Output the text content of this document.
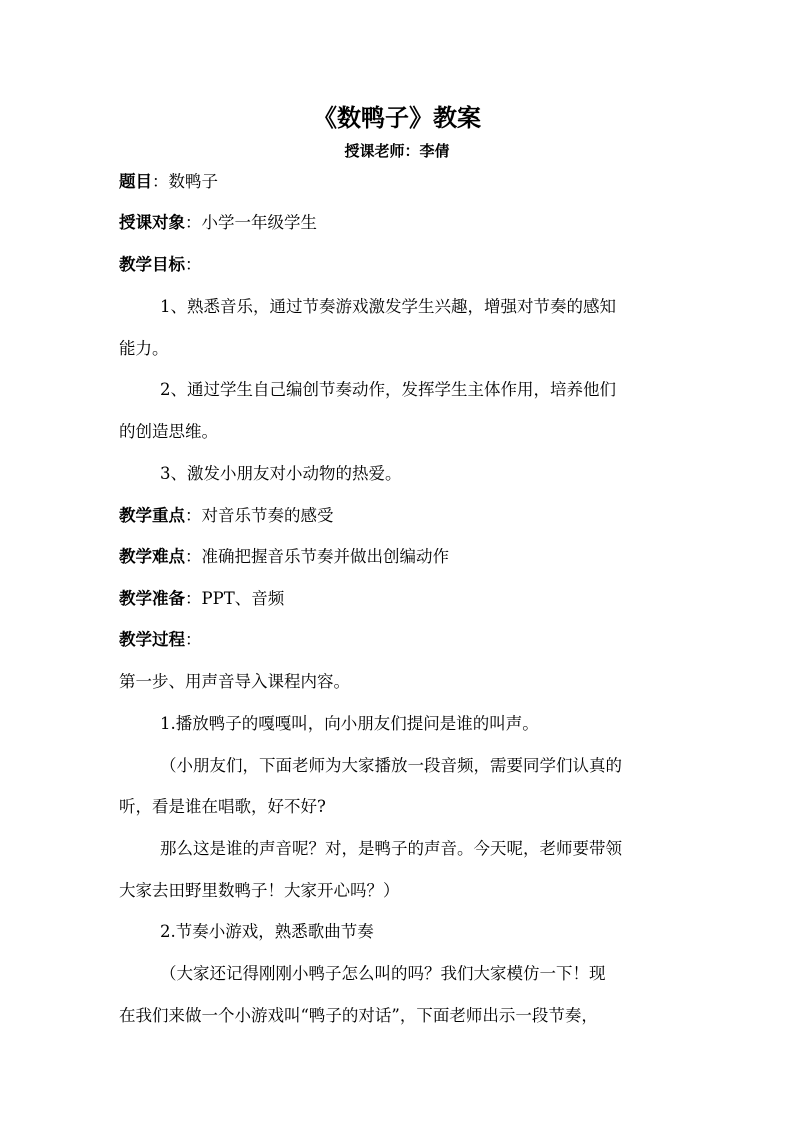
《数鸭子》教案
授课老师：李倩
题目：数鸭子
授课对象：小学一年级学生
教学目标：
1、熟悉音乐，通过节奏游戏激发学生兴趣，增强对节奏的感知
能力。
2、通过学生自己编创节奏动作，发挥学生主体作用，培养他们
的创造思维。
3、激发小朋友对小动物的热爱。
教学重点：对音乐节奏的感受
教学难点：准确把握音乐节奏并做出创编动作
教学准备：PPT、音频
教学过程：
第一步、用声音导入课程内容。
1.播放鸭子的嘎嘎叫，向小朋友们提问是谁的叫声。
（小朋友们，下面老师为大家播放一段音频，需要同学们认真的
听，看是谁在唱歌，好不好?
那么这是谁的声音呢？对，是鸭子的声音。今天呢，老师要带领
大家去田野里数鸭子！大家开心吗？）
2.节奏小游戏，熟悉歌曲节奏
（大家还记得刚刚小鸭子怎么叫的吗？我们大家模仿一下！现
在我们来做一个小游戏叫“鸭子的对话”，下面老师出示一段节奏，
